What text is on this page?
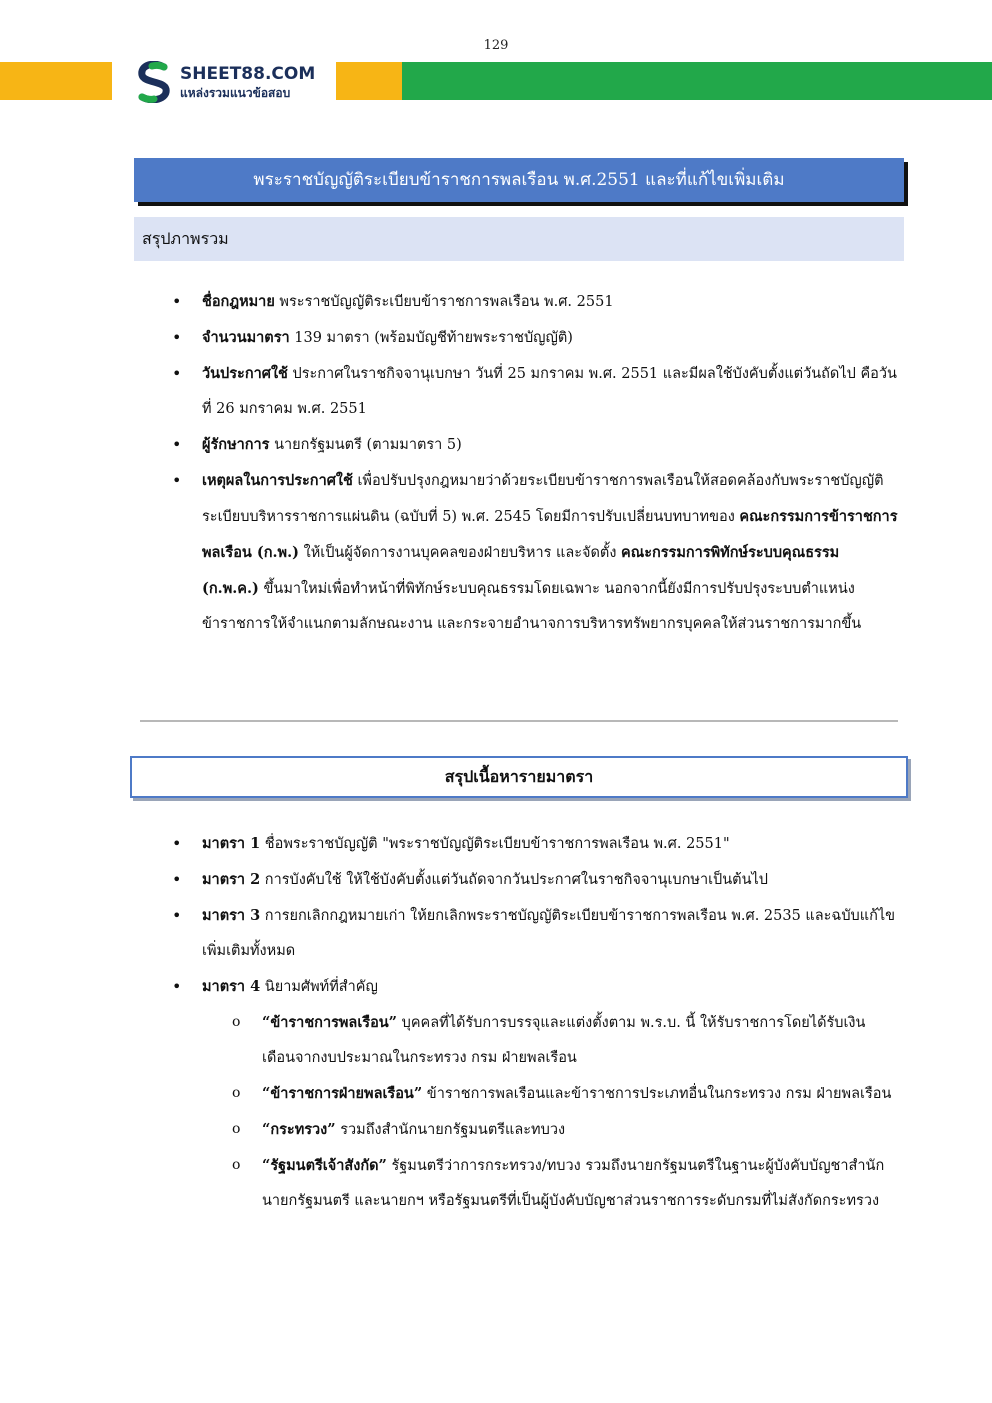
129
SHEET88.COM
แหล่งรวมแนวข้อสอบ
พระราชบัญญัติระเบียบข้าราชการพลเรือน พ.ศ.2551 และที่แก้ไขเพิ่มเติม
สรุปภาพรวม
• ชื่อกฎหมาย พระราชบัญญัติระเบียบข้าราชการพลเรือน พ.ศ. 2551
• จำนวนมาตรา 139 มาตรา (พร้อมบัญชีท้ายพระราชบัญญัติ)
• วันประกาศใช้ ประกาศในราชกิจจานุเบกษา วันที่ 25 มกราคม พ.ศ. 2551 และมีผลใช้บังคับตั้งแต่วันถัดไป คือวันที่ 26 มกราคม พ.ศ. 2551
• ผู้รักษาการ นายกรัฐมนตรี (ตามมาตรา 5)
• เหตุผลในการประกาศใช้ เพื่อปรับปรุงกฎหมายว่าด้วยระเบียบข้าราชการพลเรือนให้สอดคล้องกับพระราชบัญญัติระเบียบบริหารราชการแผ่นดิน (ฉบับที่ 5) พ.ศ. 2545 โดยมีการปรับเปลี่ยนบทบาทของ คณะกรรมการข้าราชการพลเรือน (ก.พ.) ให้เป็นผู้จัดการงานบุคคลของฝ่ายบริหาร และจัดตั้ง คณะกรรมการพิทักษ์ระบบคุณธรรม (ก.พ.ค.) ขึ้นมาใหม่เพื่อทำหน้าที่พิทักษ์ระบบคุณธรรมโดยเฉพาะ นอกจากนี้ยังมีการปรับปรุงระบบตำแหน่งข้าราชการให้จำแนกตามลักษณะงาน และกระจายอำนาจการบริหารทรัพยากรบุคคลให้ส่วนราชการมากขึ้น
สรุปเนื้อหารายมาตรา
• มาตรา 1 ชื่อพระราชบัญญัติ "พระราชบัญญัติระเบียบข้าราชการพลเรือน พ.ศ. 2551"
• มาตรา 2 การบังคับใช้ ให้ใช้บังคับตั้งแต่วันถัดจากวันประกาศในราชกิจจานุเบกษาเป็นต้นไป
• มาตรา 3 การยกเลิกกฎหมายเก่า ให้ยกเลิกพระราชบัญญัติระเบียบข้าราชการพลเรือน พ.ศ. 2535 และฉบับแก้ไขเพิ่มเติมทั้งหมด
• มาตรา 4 นิยามศัพท์ที่สำคัญ
o “ข้าราชการพลเรือน” บุคคลที่ได้รับการบรรจุและแต่งตั้งตาม พ.ร.บ. นี้ ให้รับราชการโดยได้รับเงินเดือนจากงบประมาณในกระทรวง กรม ฝ่ายพลเรือน
o “ข้าราชการฝ่ายพลเรือน” ข้าราชการพลเรือนและข้าราชการประเภทอื่นในกระทรวง กรม ฝ่ายพลเรือน
o “กระทรวง” รวมถึงสำนักนายกรัฐมนตรีและทบวง
o “รัฐมนตรีเจ้าสังกัด” รัฐมนตรีว่าการกระทรวง/ทบวง รวมถึงนายกรัฐมนตรีในฐานะผู้บังคับบัญชาสำนักนายกรัฐมนตรี และนายกฯ หรือรัฐมนตรีที่เป็นผู้บังคับบัญชาส่วนราชการระดับกรมที่ไม่สังกัดกระทรวง
